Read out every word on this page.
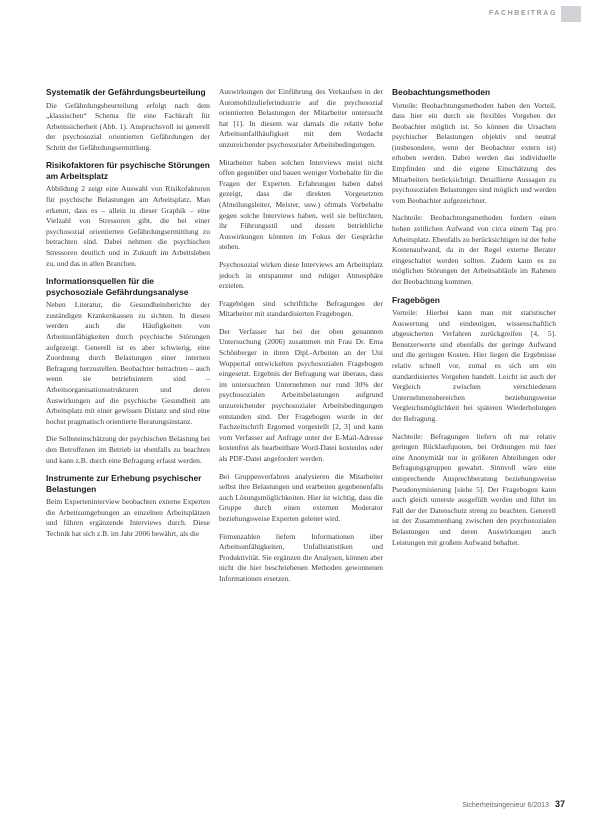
FACHBEITRAG
Systematik der Gefährdungsbeurteilung
Die Gefährdungsbeurteilung erfolgt nach dem „klassischen“ Schema für eine Fachkraft für Arbeitssicherheit (Abb. 1). Anspruchsvoll ist generell der psychosozial orientierten Gefährdungen der Schritt der Gefährdungsermittlung.
Risikofaktoren für psychische Störungen am Arbeitsplatz
Abbildung 2 zeigt eine Auswahl von Risikofaktoren für psychische Belastungen am Arbeitsplatz. Man erkennt, dass es – allein in dieser Graphik – eine Vielzahl von Stressoren gibt, die bei einer psychosozial orientierten Gefährdungsermittlung zu betrachten sind. Dabei nehmen die psychischen Stressoren deutlich und in Zukunft im Arbeitsleben zu, und das in allen Branchen.
Informationsquellen für die psychosoziale Gefährdungsanalyse
Neben Literatur, die Gesundheitsberichte der zuständigen Krankenkassen zu sichten. In diesen werden auch die Häufigkeiten von Arbeitsunfähigkeiten durch psychische Störungen aufgezeigt. Generell ist es aber schwierig, eine Zuordnung durch Belastungen einer internen Befragung herzustellen. Beobachter betrachten – auch wenn sie betriebsintern sind – Arbeitsorganisationsstrukturen und deren Auswirkungen auf die psychische Gesundheit am Arbeitsplatz mit einer gewissen Distanz und sind eine hochst pragmatisch orientierte Beratungsinstanz.
Die Selbsteinschätzung der psychischen Belastung bei den Betroffenen im Betrieb ist ebenfalls zu beachten und kann z.B. durch eine Befragung erfasst werden.
Instrumente zur Erhebung psychischer Belastungen
Beim Experteninterview beobachten externe Experten die Arbeitsumgebungen an einzelnen Arbeitsplätzen und führen ergänzende Interviews durch. Diese Technik hat sich z.B. im Jahr 2006 bewährt, als die
Auswirkungen der Einführung des Verkaufsen in der Automobilzulieferindustrie auf die psychosozial orientierten Belastungen der Mitarbeiter untersucht hat [1]. In diesem war damals die relativ hohe Arbeitsunfallhäufigkeit mit dem Verdacht unzureichender psychosozialer Arbeitsbedingungen.
Mitarbeiter haben solchen Interviews meist nicht offen gegenüber und bauen weniger Vorbehalte für die Fragen der Experten. Erfahrungen haben dabei gezeigt, dass die direkten Vorgesetzten (Abteilungsleiter, Meister, usw.) oftmals Vorbehalte gegen solche Interviews haben, weil sie befürchten, ihr Führungsstil und dessen betriebliche Auswirkungen könnten im Fokus der Gespräche stehen.
Psychosozial wirken diese Interviews am Arbeitsplatz jedoch in entspannter und ruhiger Atmosphäre erzielen.
Fragebögen sind schriftliche Befragungen der Mitarbeiter mit standardisierten Fragebogen.
Der Verfasser hat bei der oben genannten Untersuchung (2006) zusammen mit Frau Dr. Erna Schönberger in ihren Dipl.-Arbeiten an der Uni Wuppertal entwickelten psychosozialen Fragebogen eingesetzt. Ergebnis der Befragung war überaus, dass im untersuchten Unternehmen nur rund 30% der psychosozialen Arbeitsbelastungen aufgrund unzureichender psychosozialer Arbeitsbedingungen entstanden sind. Der Fragebogen wurde in der Fachzeitschrift Ergomed vorgestellt [2, 3] und kann vom Verfasser auf Anfrage unter der E-Mail-Adresse kostenfrei als bearbeitbare Word-Datei kostenlos oder als PDF-Datei angefordert werden.
Bei Gruppenverfahren analysieren die Mitarbeiter selbst ihre Belastungen und erarbeiten gegebenenfalls auch Lösungsmöglichkeiten. Hier ist wichtig, dass die Gruppe durch einen externen Moderator beziehungsweise Experten geleitet wird.
Firmenzahlen liefern Informationen über Arbeitsunfähigkeiten, Unfallstatistiken und Produktivität. Sie ergänzen die Analysen, können aber nicht die hier beschriebenen Methoden gewonnenen Informationen ersetzen.
Beobachtungsmethoden
Vorteile: Beobachtungsmethoden haben den Vorteil, dass hier ein durch sie flexibles Vorgehen der Beobachter möglich ist. So können die Ursachen psychischer Belastungen objektiv und neutral (insbesondere, wenn der Beobachter extern ist) erhoben werden. Dabei werden das individuelle Empfinden und die eigene Einschätzung des Mitarbeiters berücksichtigt. Detaillierte Aussagen zu psychosozialen Belastungen sind möglich und werden vom Beobachter aufgezeichnet.
Nachteile: Beobachtungsmethoden fordern einen hohen zeitlichen Aufwand von circa einem Tag pro Arbeitsplatz. Ebenfalls zu berücksichtigen ist der hohe Kostenaufwand, da in der Regel externe Berater eingeschaltet werden sollten. Zudem kann es zu möglichen Störungen der Arbeitsabläufe im Rahmen der Beobachtung kommen.
Fragebögen
Vorteile: Hierbei kann man mit statistischer Auswertung und eindeutigen, wissenschaftlich abgesicherten Verfahren zurückgreifen [4, 5]. Benutzerwerte sind ebenfalls der geringe Aufwand und die geringen Kosten. Hier liegen die Ergebnisse relativ schnell vor, zumal es sich um ein standardisiertes Vorgehen handelt. Leicht ist auch der Vergleich zwischen verschiedenen Unternehmensbereichen beziehungsweise Vergleichsmöglichkeit bei späteren Wiederholungen der Befragung.
Nachteile: Befragungen liefern oft nur relativ geringen Rücklaufquoten, bei Ordnungen mit hier eine Anonymität nur in größeren Abteilungen oder Befragungsgruppen gewahrt. Sinnvoll wäre eine entsprechende Ansprechberatung beziehungsweise Pseudonymisierung [siehe 5]. Der Fragebogen kann auch gleich unterste ausgefüllt werden und führt im Fall der der Datenschutz streng zu beachten. Generell ist der Zusammenhang zwischen den psychosozialen Belastungen und deren Auswirkungen auch Leistungen mit großem Aufwand behaftet.
Sicherheitsingenieur 6/2013 37
